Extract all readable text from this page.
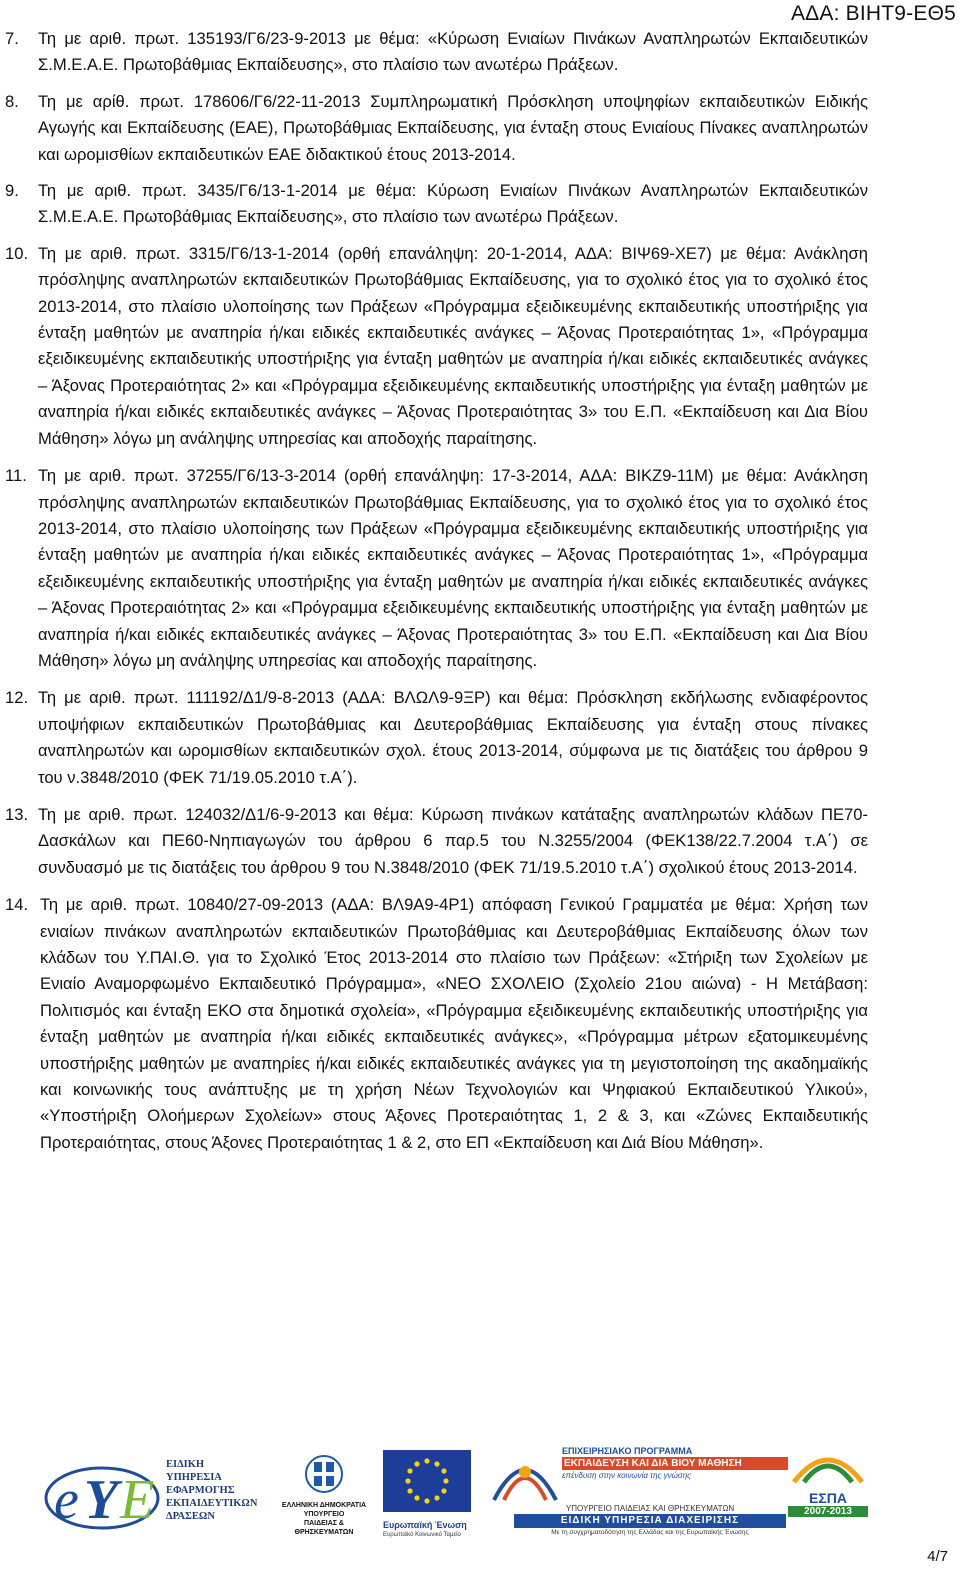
ΑΔΑ: ΒΙΗΤ9-ΕΘ5
7. Τη με αριθ. πρωτ. 135193/Γ6/23-9-2013 με θέμα: «Κύρωση Ενιαίων Πινάκων Αναπληρωτών Εκπαιδευτικών Σ.Μ.Ε.Α.Ε. Πρωτοβάθμιας Εκπαίδευσης», στο πλαίσιο των ανωτέρω Πράξεων.
8. Τη με αρίθ. πρωτ. 178606/Γ6/22-11-2013 Συμπληρωματική Πρόσκληση υποψηφίων εκπαιδευτικών Ειδικής Αγωγής και Εκπαίδευσης (ΕΑΕ), Πρωτοβάθμιας Εκπαίδευσης, για ένταξη στους Ενιαίους Πίνακες αναπληρωτών και ωρομισθίων εκπαιδευτικών ΕΑΕ διδακτικού έτους 2013-2014.
9. Τη με αριθ. πρωτ. 3435/Γ6/13-1-2014 με θέμα: Κύρωση Ενιαίων Πινάκων Αναπληρωτών Εκπαιδευτικών Σ.Μ.Ε.Α.Ε. Πρωτοβάθμιας Εκπαίδευσης», στο πλαίσιο των ανωτέρω Πράξεων.
10. Τη με αριθ. πρωτ. 3315/Γ6/13-1-2014 (ορθή επανάληψη: 20-1-2014, ΑΔΑ: ΒΙΨ69-ΧΕ7) με θέμα: Ανάκληση πρόσληψης αναπληρωτών εκπαιδευτικών Πρωτοβάθμιας Εκπαίδευσης, για το σχολικό έτος για το σχολικό έτος 2013-2014, στο πλαίσιο υλοποίησης των Πράξεων «Πρόγραμμα εξειδικευμένης εκπαιδευτικής υποστήριξης για ένταξη μαθητών με αναπηρία ή/και ειδικές εκπαιδευτικές ανάγκες – Άξονας Προτεραιότητας 1», «Πρόγραμμα εξειδικευμένης εκπαιδευτικής υποστήριξης για ένταξη μαθητών με αναπηρία ή/και ειδικές εκπαιδευτικές ανάγκες – Άξονας Προτεραιότητας 2» και «Πρόγραμμα εξειδικευμένης εκπαιδευτικής υποστήριξης για ένταξη μαθητών με αναπηρία ή/και ειδικές εκπαιδευτικές ανάγκες – Άξονας Προτεραιότητας 3» του Ε.Π. «Εκπαίδευση και Δια Βίου Μάθηση» λόγω μη ανάληψης υπηρεσίας και αποδοχής παραίτησης.
11. Τη με αριθ. πρωτ. 37255/Γ6/13-3-2014 (ορθή επανάληψη: 17-3-2014, ΑΔΑ: ΒΙΚΖ9-11Μ) με θέμα: Ανάκληση πρόσληψης αναπληρωτών εκπαιδευτικών Πρωτοβάθμιας Εκπαίδευσης, για το σχολικό έτος για το σχολικό έτος 2013-2014, στο πλαίσιο υλοποίησης των Πράξεων «Πρόγραμμα εξειδικευμένης εκπαιδευτικής υποστήριξης για ένταξη μαθητών με αναπηρία ή/και ειδικές εκπαιδευτικές ανάγκες – Άξονας Προτεραιότητας 1», «Πρόγραμμα εξειδικευμένης εκπαιδευτικής υποστήριξης για ένταξη μαθητών με αναπηρία ή/και ειδικές εκπαιδευτικές ανάγκες – Άξονας Προτεραιότητας 2» και «Πρόγραμμα εξειδικευμένης εκπαιδευτικής υποστήριξης για ένταξη μαθητών με αναπηρία ή/και ειδικές εκπαιδευτικές ανάγκες – Άξονας Προτεραιότητας 3» του Ε.Π. «Εκπαίδευση και Δια Βίου Μάθηση» λόγω μη ανάληψης υπηρεσίας και αποδοχής παραίτησης.
12. Τη με αριθ. πρωτ. 111192/Δ1/9-8-2013 (ΑΔΑ: ΒΛΩΛ9-9ΞΡ) και θέμα: Πρόσκληση εκδήλωσης ενδιαφέροντος υποψήφιων εκπαιδευτικών Πρωτοβάθμιας και Δευτεροβάθμιας Εκπαίδευσης για ένταξη στους πίνακες αναπληρωτών και ωρομισθίων εκπαιδευτικών σχολ. έτους 2013-2014, σύμφωνα με τις διατάξεις του άρθρου 9 του ν.3848/2010 (ΦΕΚ 71/19.05.2010 τ.Α΄).
13. Τη με αριθ. πρωτ. 124032/Δ1/6-9-2013 και θέμα: Κύρωση πινάκων κατάταξης αναπληρωτών κλάδων ΠΕ70-Δασκάλων και ΠΕ60-Νηπιαγωγών του άρθρου 6 παρ.5 του Ν.3255/2004 (ΦΕΚ138/22.7.2004 τ.Α΄) σε συνδυασμό με τις διατάξεις του άρθρου 9 του Ν.3848/2010 (ΦΕΚ 71/19.5.2010 τ.Α΄) σχολικού έτους 2013-2014.
14. Τη με αριθ. πρωτ. 10840/27-09-2013 (ΑΔΑ: ΒΛ9Α9-4Ρ1) απόφαση Γενικού Γραμματέα με θέμα: Χρήση των ενιαίων πινάκων αναπληρωτών εκπαιδευτικών Πρωτοβάθμιας και Δευτεροβάθμιας Εκπαίδευσης όλων των κλάδων του Υ.ΠΑΙ.Θ. για το Σχολικό Έτος 2013-2014 στο πλαίσιο των Πράξεων: «Στήριξη των Σχολείων με Ενιαίο Αναμορφωμένο Εκπαιδευτικό Πρόγραμμα», «ΝΕΟ ΣΧΟΛΕΙΟ (Σχολείο 21ου αιώνα) - Η Μετάβαση: Πολιτισμός και ένταξη ΕΚΟ στα δημοτικά σχολεία», «Πρόγραμμα εξειδικευμένης εκπαιδευτικής υποστήριξης για ένταξη μαθητών με αναπηρία ή/και ειδικές εκπαιδευτικές ανάγκες», «Πρόγραμμα μέτρων εξατομικευμένης υποστήριξης μαθητών με αναπηρίες ή/και ειδικές εκπαιδευτικές ανάγκες για τη μεγιστοποίηση της ακαδημαϊκής και κοινωνικής τους ανάπτυξης με τη χρήση Νέων Τεχνολογιών και Ψηφιακού Εκπαιδευτικού Υλικού», «Υποστήριξη Ολοήμερων Σχολείων» στους Άξονες Προτεραιότητας 1, 2 & 3, και «Ζώνες Εκπαιδευτικής Προτεραιότητας, στους Άξονες Προτεραιότητας 1 & 2, στο ΕΠ «Εκπαίδευση και Διά Βίου Μάθηση».
e Y E
ΕΙΔΙΚΗ
ΥΠΗΡΕΣΙΑ
ΕΦΑΡΜΟΓΗΣ
ΕΚΠΑΙΔΕΥΤΙΚΩΝ
ΔΡΑΣΕΩΝ
ΕΛΛΗΝΙΚΗ ΔΗΜΟΚΡΑΤΙΑ
ΥΠΟΥΡΓΕΙΟ
ΠΑΙΔΕΙΑΣ &
ΘΡΗΣΚΕΥΜΑΤΩΝ
Ευρωπαϊκή Ένωση
Ευρωπαϊκό Κοινωνικό Ταμείο
ΕΠΙΧΕΙΡΗΣΙΑΚΟ ΠΡΟΓΡΑΜΜΑ
ΕΚΠΑΙΔΕΥΣΗ ΚΑΙ ΔΙΑ ΒΙΟΥ ΜΑΘΗΣΗ
επένδυση στην κοινωνία της γνώσης
ΥΠΟΥΡΓΕΙΟ ΠΑΙΔΕΙΑΣ ΚΑΙ ΘΡΗΣΚΕΥΜΑΤΩΝ
ΕΙΔΙΚΗ ΥΠΗΡΕΣΙΑ ΔΙΑΧΕΙΡΙΣΗΣ
Με τη συγχρηματοδότηση της Ελλάδας και της Ευρωπαϊκής Ένωσης
ΕΣΠΑ
2007-2013
4/7
